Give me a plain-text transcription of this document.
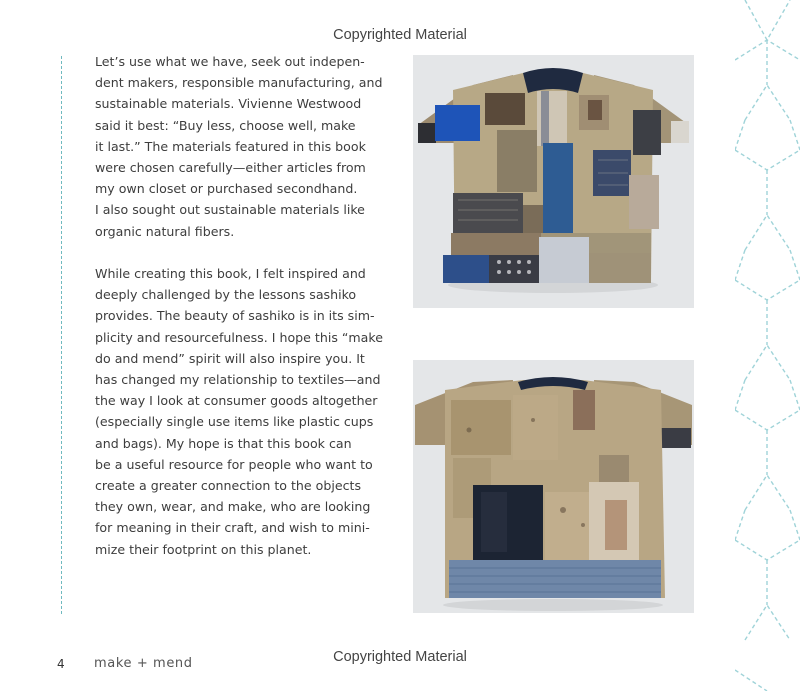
Copyrighted Material

Let’s use what we have, seek out indepen-
dent makers, responsible manufacturing, and
sustainable materials. Vivienne Westwood
said it best: “Buy less, choose well, make
it last.” The materials featured in this book
were chosen carefully—either articles from
my own closet or purchased secondhand.
I also sought out sustainable materials like
organic natural fibers.

While creating this book, I felt inspired and
deeply challenged by the lessons sashiko
provides. The beauty of sashiko is in its sim-
plicity and resourcefulness. I hope this “make
do and mend” spirit will also inspire you. It
has changed my relationship to textiles—and
the way I look at consumer goods altogether
(especially single use items like plastic cups
and bags). My hope is that this book can
be a useful resource for people who want to
create a greater connection to the objects
they own, wear, and make, who are looking
for meaning in their craft, and wish to mini-
mize their footprint on this planet.

4 make + mend	Copyrighted Material
